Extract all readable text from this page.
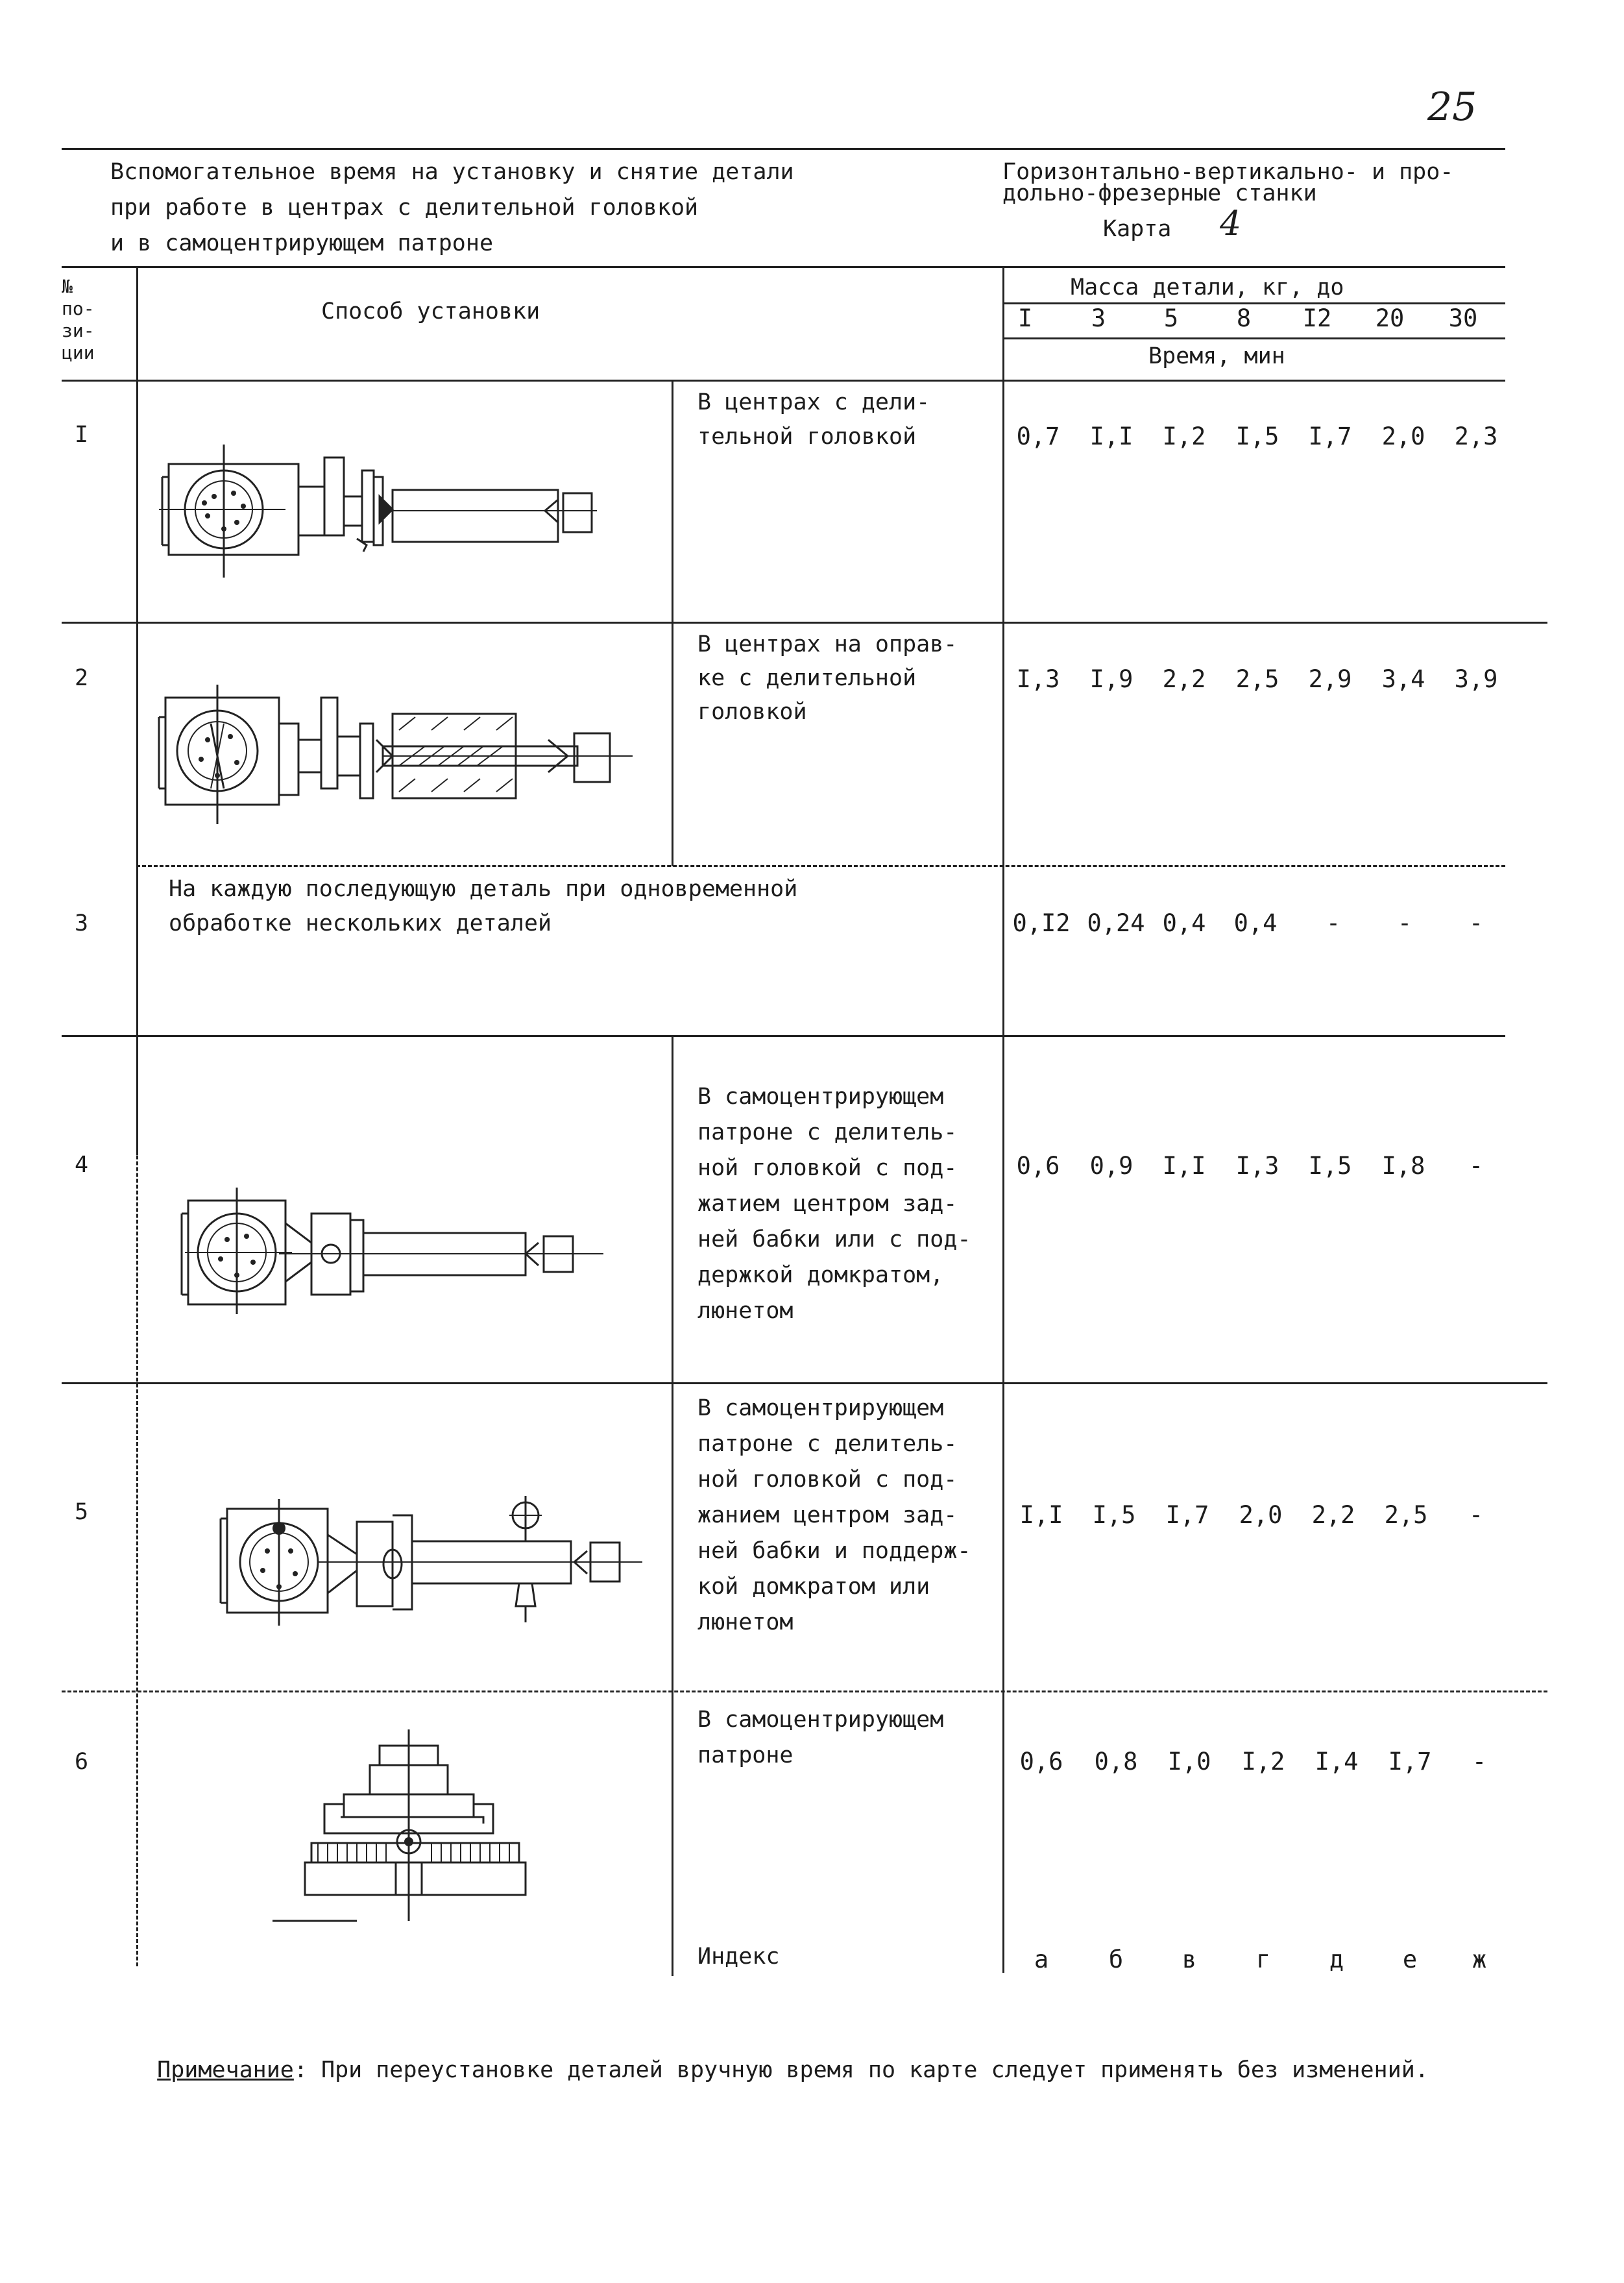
25
Вспомогательное время на установку и снятие детали
при работе в центрах с делительной головкой
и в самоцентрирующем патроне
Горизонтально-вертикально- и про-
дольно-фрезерные станки
Карта 4
№
по-
зи-
ции
Способ установки
Масса детали, кг, до
I	3	5	8	I2	20	30
Время, мин
I
В центрах с дели-
тельной головкой	0,7	I,I	I,2	I,5	I,7	2,0	2,3
2
В центрах на оправ-
ке с делительной
головкой
I,3	I,9	2,2	2,5	2,9	3,4	3,9
3
На каждую последующую деталь при одновременной
обработке нескольких деталей	0,I2 0,24 0,4	0,4	-	-	-
4
В самоцентрирующем
патроне с делитель-
ной головкой с под-
жатием центром зад-
ней бабки или с под-
держкой домкратом,
люнетом
0,6	0,9	I,I	I,3	I,5	I,8	-
5
В самоцентрирующем
патроне с делитель-
ной головкой с под-
жанием центром зад-
ней бабки и поддерж-
кой домкратом или
люнетом
I,I	I,5	I,7	2,0	2,2	2,5	-
6
В самоцентрирующем
патроне	0,6	0,8	I,0	I,2	I,4	I,7	-
Индекс	а	б	в	г	д	е	ж

Примечание: При переустановке деталей вручную время по карте следует применять без изменений.
